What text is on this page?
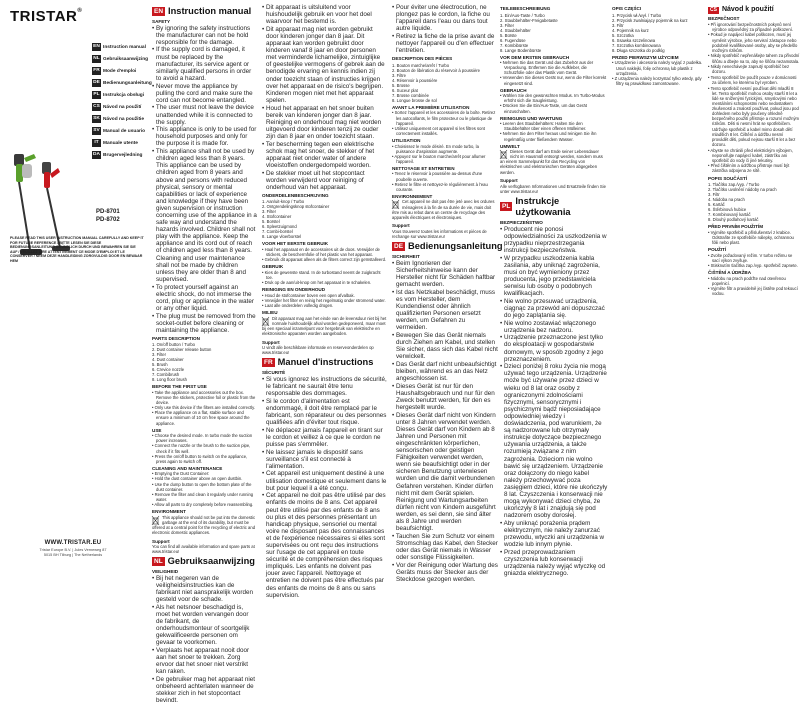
TRISTAR®
EN Instruction manual
NL Gebruiksaanwijzing
FR Mode d'emploi
DE Bedienungsanleitung
PL Instrukcja obsługi
CS Návod na použití
SK Návod na použitie
SV Manual de usuario
IT Manuale utente
DA Brugervejledning
PD-8701
PD-8702
PLEASE READ THIS USER INSTRUCTION MANUAL CAREFULLY AND KEEP IT FOR FUTURE REFERENCE / BITTE LESEN SIE DIESE BEDIENUNGSANLEITUNG GRÜNDLICH DURCH UND BEWAHREN SIE SIE AUF / VEUILLEZ LIRE ATTENTIVEMENT CE MODE D'EMPLOI ET LE CONSERVER / NEEM DEZE HANDLEIDING ZORGVULDIG DOOR EN BEWAAR HEM
WWW.TRISTAR.EU
Tristar Europe B.V. | Jules Verneweg 87
5015 BH Tilburg | The Netherlands
EN Instruction manual
SAFETY
• By ignoring the safety instructions the manufacturer can not be hold responsible for the damage.
• If the supply cord is damaged, it must be replaced by the manufacturer, its service agent or similarly qualified persons in order to avoid a hazard.
• Never move the appliance by pulling the cord and make sure the cord can not become entangled.
• The user must not leave the device unattended while it is connected to the supply.
• This appliance is only to be used for household purposes and only for the purpose it is made for.
• This appliance shall not be used by children aged less than 8 years. This appliance can be used by children aged from 8 years and above and persons with reduced physical, sensory or mental capabilities or lack of experience and knowledge if they have been given supervision or instruction concerning use of the appliance in a safe way and understand the hazards involved. Children shall not play with the appliance. Keep the appliance and its cord out of reach of children aged less than 8 years. Cleaning and user maintenance shall not be made by children unless they are older than 8 and supervised.
• To protect yourself against an electric shock, do not immerse the cord, plug or appliance in the water or any other liquid.
• The plug must be removed from the socket-outlet before cleaning or maintaining the appliance.
PARTS DESCRIPTION
1. On/off button / Turbo
2. Dust container release button
3. Filter
4. Dust container
5. Brush
6. Crevice nozzle
7. Combibrush
8. Long floor brush
BEFORE THE FIRST USE
• Take the appliance and accessories out the box. Remove the stickers, protective foil or plastic from the device.
• Only use this device if the filters are installed correctly.
• Place the appliance on a flat, stable surface and ensure a minimum of 10 cm free space around the appliance.
USE
• Choose the desired mode. In turbo mode the suction power increases.
• Connect the nozzle or the brush to the suction pipe, check if it fits well.
• Press the on/off button to switch on the appliance, press again to switch off.
CLEANING AND MAINTENANCE
• Emptying the Dust Container:
• Hold the dust container above an open dustbin.
• Use the dump button to open the bottom plate of the dust container.
• Remove the filter and clean it regularly under running water.
• Allow all parts to dry completely before reassembling.
ENVIRONMENT

This appliance should not be put into the domestic garbage at the end of its durability, but must be offered at a central point for the recycling of electric and electronic domestic appliances.

Support

You can find all available information and spare parts at www.tristar.eu!

NL Gebruiksaanwijzing
VEILIGHEID
• Bij het negeren van de veiligheidsinstructies kan de fabrikant niet aansprakelijk worden gesteld voor de schade.
• Als het netsnoer beschadigd is, moet het worden vervangen door de fabrikant, de onderhoudsmonteur of soortgelijk gekwalificeerde personen om gevaar te voorkomen.
• Verplaats het apparaat nooit door aan het snoer te trekken. Zorg ervoor dat het snoer niet verstrikt kan raken.
• De gebruiker mag het apparaat niet onbeheerd achterlaten wanneer de stekker zich in het stopcontact bevindt.
• Dit apparaat is uitsluitend voor huishoudelijk gebruik en voor het doel waarvoor het bestemd is.
• Dit apparaat mag niet worden gebruikt door kinderen jonger dan 8 jaar. Dit apparaat kan worden gebruikt door kinderen vanaf 8 jaar en door personen met verminderde lichamelijke, zintuiglijke of geestelijke vermogens of gebrek aan de benodigde ervaring en kennis indien zij onder toezicht staan of instructies krijgen over het apparaat en de risico's begrijpen. Kinderen mogen niet met het apparaat spelen.
• Houd het apparaat en het snoer buiten bereik van kinderen jonger dan 8 jaar. Reiniging en onderhoud mag niet worden uitgevoerd door kinderen tenzij ze ouder zijn dan 8 jaar en onder toezicht staan.
• Ter bescherming tegen een elektrische schok mag het snoer, de stekker of het apparaat niet onder water of andere vloeistoffen ondergedompeld worden.
• De stekker moet uit het stopcontact worden verwijderd voor reiniging of onderhoud van het apparaat.
ONDERDELENBESCHRIJVING
1. Aan/uit-knop / Turbo
2. Ontgrendelingsknop stofcontainer
3. Filter
4. Stofcontainer
5. Borstel
6. Spleetzuigmond
7. Combi-borstel
8. Lange vloerborstel
VOOR HET EERSTE GEBRUIK
• Haal het apparaat en de accessoires uit de doos. Verwijder de stickers, de beschermfolie of het plastic van het apparaat.
• Gebruik dit apparaat alleen als de filters correct zijn geïnstalleerd.
GEBRUIK
• Kies de gewenste stand. In de turbostand neemt de zuigkracht toe.
• Druk op de aan/uit-knop om het apparaat in te schakelen.
REINIGING EN ONDERHOUD
• Houd de stofcontainer boven een open afvalbak.
• Verwijder het filter en reinig het regelmatig onder stromend water.
• Laat alle onderdelen volledig drogen.
MILIEU

Dit apparaat mag aan het einde van de levensduur niet bij het normale huishoudelijk afval worden gedeponeerd, maar moet bij een speciaal inzamelpunt voor hergebruik van elektrische en elektronische apparaten worden aangeboden.

Support

U vindt alle beschikbare informatie en reserveonderdelen op www.tristar.eu!

FR Manuel d'instructions
SÉCURITÉ
• Si vous ignorez les instructions de sécurité, le fabricant ne saurait être tenu responsable des dommages.
• Si le cordon d'alimentation est endommagé, il doit être remplacé par le fabricant, son réparateur ou des personnes qualifiées afin d'éviter tout risque.
• Ne déplacez jamais l'appareil en tirant sur le cordon et veillez à ce que le cordon ne puisse pas s'emmêler.
• Ne laissez jamais le dispositif sans surveillance s'il est connecté à l'alimentation.
• Cet appareil est uniquement destiné à une utilisation domestique et seulement dans le but pour lequel il a été conçu.
• Cet appareil ne doit pas être utilisé par des enfants de moins de 8 ans. Cet appareil peut être utilisé par des enfants de 8 ans ou plus et des personnes présentant un handicap physique, sensoriel ou mental voire ne disposant pas des connaissances et de l'expérience nécessaires si elles sont supervisées ou ont reçu des instructions sur l'usage de cet appareil en toute sécurité et de compréhension des risques impliqués. Les enfants ne doivent pas jouer avec l'appareil. Nettoyage et entretien ne doivent pas être effectués par des enfants de moins de 8 ans ou sans supervision.
• Pour éviter une électrocution, ne plongez pas le cordon, la fiche ou l'appareil dans l'eau ou dans tout autre liquide.
• Retirez la fiche de la prise avant de nettoyer l'appareil ou d'en effectuer l'entretien.
DESCRIPTION DES PIÈCES
1. Bouton marche/arrêt / Turbo
2. Bouton de libération du réservoir à poussière
3. Filtre
4. Réservoir à poussière
5. Brosse
6. Suceur plat
7. Brosse combinée
8. Longue brosse de sol
AVANT LA PREMIÈRE UTILISATION
• Sortez l'appareil et les accessoires de la boîte. Retirez les autocollants, le film protecteur ou le plastique de l'appareil.
• Utilisez uniquement cet appareil si les filtres sont correctement installés.
UTILISATION
• Choisissez le mode désiré. En mode turbo, la puissance d'aspiration augmente.
• Appuyez sur le bouton marche/arrêt pour allumer l'appareil.
NETTOYAGE ET ENTRETIEN
• Tenez le réservoir à poussière au-dessus d'une poubelle ouverte.
• Retirez le filtre et nettoyez-le régulièrement à l'eau courante.
ENVIRONNEMENT

Cet appareil ne doit pas être jeté avec les ordures ménagères à la fin de sa durée de vie, mais doit être mis au rebut dans un centre de recyclage des appareils électriques et électroniques.

Support

Vous trouverez toutes les informations et pièces de rechange sur www.tristar.eu!

DE Bedienungsanleitung
SICHERHEIT
• Beim Ignorieren der Sicherheitshinweise kann der Hersteller nicht für Schäden haftbar gemacht werden.
• Ist das Netzkabel beschädigt, muss es vom Hersteller, dem Kundendienst oder ähnlich qualifizierten Personen ersetzt werden, um Gefahren zu vermeiden.
• Bewegen Sie das Gerät niemals durch Ziehen am Kabel, und stellen Sie sicher, dass sich das Kabel nicht verwickelt.
• Das Gerät darf nicht unbeaufsichtigt bleiben, während es an das Netz angeschlossen ist.
• Dieses Gerät ist nur für den Haushaltsgebrauch und nur für den Zweck benutzt werden, für den es hergestellt wurde.
• Dieses Gerät darf nicht von Kindern unter 8 Jahren verwendet werden. Dieses Gerät darf von Kindern ab 8 Jahren und Personen mit eingeschränkten körperlichen, sensorischen oder geistigen Fähigkeiten verwendet werden, wenn sie beaufsichtigt oder in der sicheren Benutzung unterwiesen wurden und die damit verbundenen Gefahren verstehen. Kinder dürfen nicht mit dem Gerät spielen. Reinigung und Wartungsarbeiten dürfen nicht von Kindern ausgeführt werden, es sei denn, sie sind älter als 8 Jahre und werden beaufsichtigt.
• Tauchen Sie zum Schutz vor einem Stromschlag das Kabel, den Stecker oder das Gerät niemals in Wasser oder sonstige Flüssigkeiten.
• Vor der Reinigung oder Wartung des Geräts muss der Stecker aus der Steckdose gezogen werden.
TEILEBESCHREIBUNG
1. Ein/Aus-Taste / Turbo
2. Staubbehälter-Freigabetaste
3. Filter
4. Staubbehälter
5. Bürste
6. Fugendüse
7. Kombibürste
8. Lange Bodenbürste
VOR DEM ERSTEN GEBRAUCH
• Nehmen Sie das Gerät und das Zubehör aus der Verpackung. Entfernen Sie die Aufkleber, die Schutzfolie oder das Plastik vom Gerät.
• Verwenden Sie dieses Gerät nur, wenn die Filter korrekt eingesetzt sind.
GEBRAUCH
• Wählen Sie den gewünschten Modus. Im Turbo-Modus erhöht sich die Saugleistung.
• Drücken Sie die Ein/Aus-Taste, um das Gerät einzuschalten.
REINIGUNG UND WARTUNG
• Leeren des Staubbehälters: Halten Sie den Staubbehälter über einen offenen Mülleimer.
• Nehmen Sie den Filter heraus und reinigen Sie ihn regelmäßig unter fließendem Wasser.
UMWELT

Dieses Gerät darf am Ende seiner Lebensdauer nicht im Hausmüll entsorgt werden, sondern muss an einem Sammelpunkt für das Recycling von elektrischen und elektronischen Geräten abgegeben werden.

Support

Alle verfügbaren Informationen und Ersatzteile finden Sie unter www.tristar.eu!

PL
Instrukcje użytkowania
BEZPIECZEŃSTWO
• Producent nie ponosi odpowiedzialności za uszkodzenia w przypadku nieprzestrzegania instrukcji bezpieczeństwa.
• W przypadku uszkodzenia kabla zasilania, aby uniknąć zagrożenia, musi on być wymieniony przez producenta, jego przedstawiciela serwisu lub osoby o podobnych kwalifikacjach.
• Nie wolno przesuwać urządzenia, ciągnąc za przewód ani dopuszczać do jego zaplątania się.
• Nie wolno zostawiać włączonego urządzenia bez nadzoru.
• Urządzenie przeznaczone jest tylko do eksploatacji w gospodarstwie domowym, w sposób zgodny z jego przeznaczeniem.
• Dzieci poniżej 8 roku życia nie mogą używać tego urządzenia. Urządzenie może być używane przez dzieci w wieku od 8 lat oraz osoby z ograniczonymi zdolnościami fizycznymi, sensorycznymi i psychicznymi bądź nieposiadające odpowiedniej wiedzy i doświadczenia, pod warunkiem, że są nadzorowane lub otrzymały instrukcje dotyczące bezpiecznego używania urządzenia, a także rozumieją związane z nim zagrożenia. Dzieciom nie wolno bawić się urządzeniem. Urządzenie oraz dołączony do niego kabel należy przechowywać poza zasięgiem dzieci, które nie ukończyły 8 lat. Czyszczenia i konserwacji nie mogą wykonywać dzieci chyba, że ukończyły 8 lat i znajdują się pod nadzorem osoby dorosłej.
• Aby uniknąć porażenia prądem elektrycznym, nie należy zanurzać przewodu, wtyczki ani urządzenia w wodzie lub innym płynie.
• Przed przeprowadzaniem czyszczenia lub konserwacji urządzenia należy wyjąć wtyczkę od gniazda elektrycznego.
OPIS CZĘŚCI
1. Przycisk wł./wył. / Turbo
2. Przycisk zwalniający pojemnik na kurz
3. Filtr
4. Pojemnik na kurz
5. Szczotka
6. Ssawka szczelinowa
7. Szczotka kombinowana
8. Długa szczotka do podłóg
PRZED PIERWSZYM UŻYCIEM
• Urządzenie i akcesoria należy wyjąć z pudełka. Usuń naklejki, folię ochronną lub plastik z urządzenia.
• Z urządzenia należy korzystać tylko wtedy, gdy filtry są prawidłowo zamontowane.
CS Návod k použití
BEZPEČNOST
• Při ignorování bezpečnostních pokynů není výrobce odpovědný za případné poškození.
• Pokud je napájecí kabel poškozen, musí jej vyměnit výrobce, jeho servisní zástupce nebo podobně kvalifikované osoby, aby se předešlo možným rizikům.
• Nikdy spotřebič nepřenášejte tahem za přívodní šňůru a dbejte na to, aby se šňůra nezamotala.
• Nikdy nenechávejte zapnutý spotřebič bez dozoru.
• Tento spotřebič lze použít pouze v domácnosti za účelem, ke kterému byl vyroben.
• Tento spotřebič nesmí používat děti mladší 8 let. Tento spotřebič mohou osoby starší 8 let a lidé se sníženými fyzickými, smyslovými nebo mentálními schopnostmi nebo nedostatkem zkušeností a znalostí používat, pokud jsou pod dohledem nebo byly poučeny ohledně bezpečného použití přístroje a rozumí možným rizikům. Děti si nesmí hrát se spotřebičem. Udržujte spotřebič a kabel mimo dosah dětí mladších 8 let. Čištění a údržbu nesmí provádět děti, pokud nejsou starší 8 let a bez dozoru.
• Abyste se chránili před elektrickým výbojem, neponořujte napájecí kabel, zástrčku ani spotřebič do vody či jiné tekutiny.
• Před čištěním a údržbou přístroje musí být zástrčka odpojena ze sítě.
POPIS SOUČÁSTÍ
1. Tlačítko zap./vyp. / Turbo
2. Tlačítko uvolnění nádoby na prach
3. Filtr
4. Nádoba na prach
5. Kartáč
6. Štěrbinová hubice
7. Kombinovaný kartáč
8. Dlouhý podlahový kartáč
PŘED PRVNÍM POUŽITÍM
• Vyjměte spotřebič a příslušenství z krabice. Odstraňte ze spotřebiče nálepky, ochrannou fólii nebo plast.
POUŽITÍ
• Zvolte požadovaný režim. V turbo režimu se sací výkon zvyšuje.
• Stisknutím tlačítka zap./vyp. spotřebič zapnete.
ČIŠTĚNÍ A ÚDRŽBA
• Nádobu na prach podržte nad otevřenou popelnicí.
• Vyjměte filtr a pravidelně jej čistěte pod tekoucí vodou.
